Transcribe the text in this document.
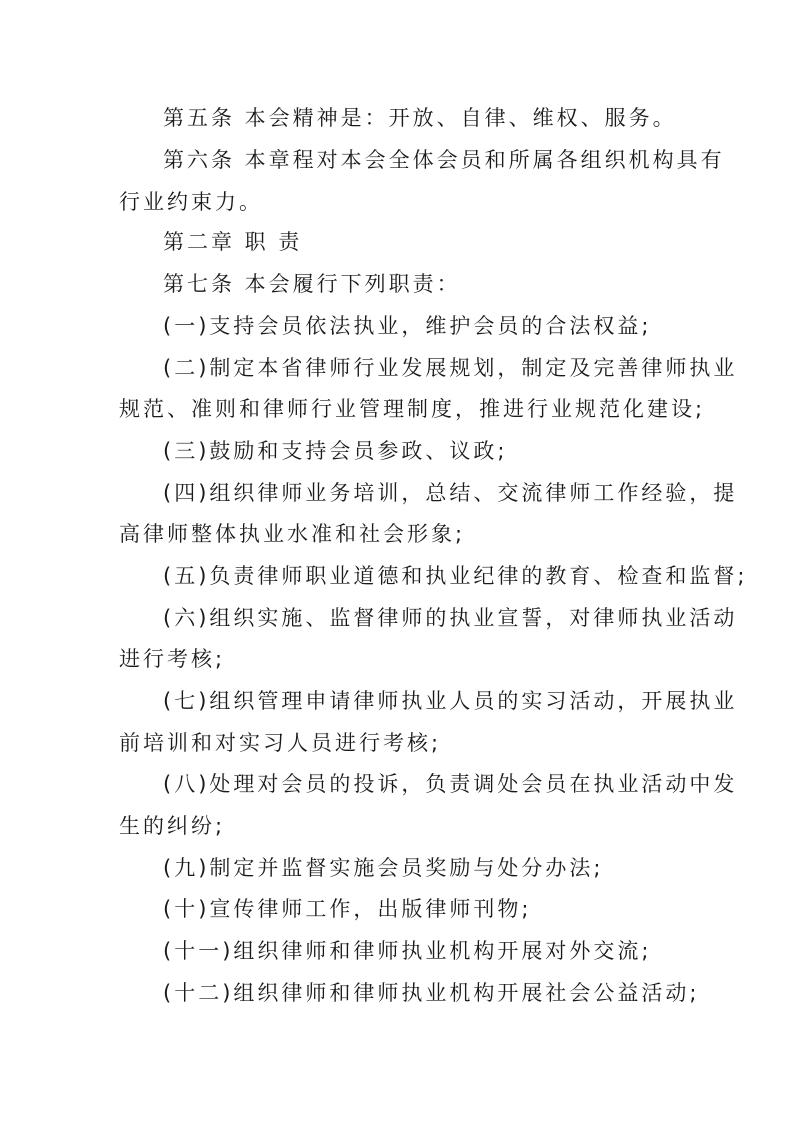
第五条 本会精神是：开放、自律、维权、服务。
第六条 本章程对本会全体会员和所属各组织机构具有
行业约束力。
第二章 职 责
第七条 本会履行下列职责：
(一)支持会员依法执业，维护会员的合法权益;
(二)制定本省律师行业发展规划，制定及完善律师执业
规范、准则和律师行业管理制度，推进行业规范化建设;
(三)鼓励和支持会员参政、议政;
(四)组织律师业务培训，总结、交流律师工作经验，提
高律师整体执业水准和社会形象;
(五)负责律师职业道德和执业纪律的教育、检查和监督;
(六)组织实施、监督律师的执业宣誓，对律师执业活动
进行考核;
(七)组织管理申请律师执业人员的实习活动，开展执业
前培训和对实习人员进行考核;
(八)处理对会员的投诉，负责调处会员在执业活动中发
生的纠纷;
(九)制定并监督实施会员奖励与处分办法;
(十)宣传律师工作，出版律师刊物;
(十一)组织律师和律师执业机构开展对外交流;
(十二)组织律师和律师执业机构开展社会公益活动;
